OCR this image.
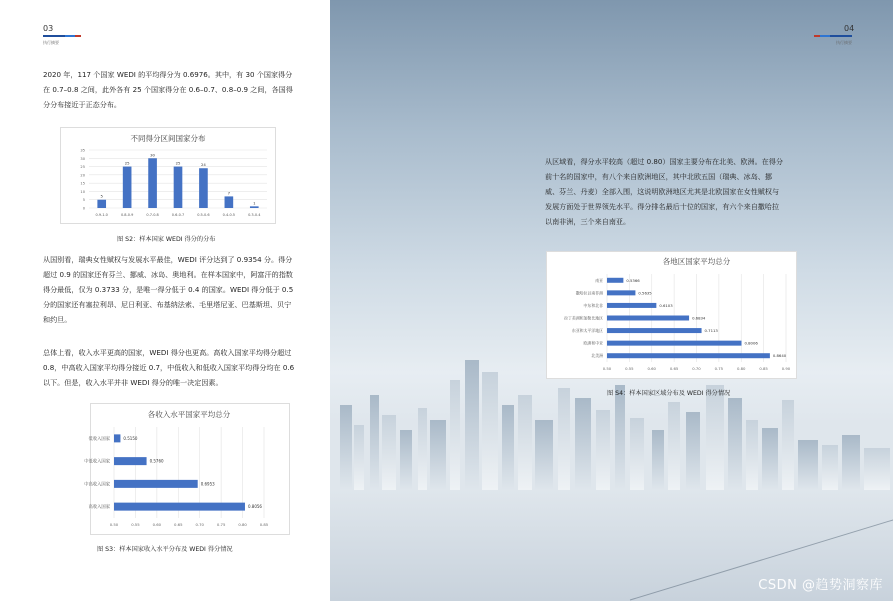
03
执行摘要

2020 年，117 个国家 WEDI 的平均得分为 0.6976。其中，有 30 个国家得分在 0.7–0.8 之间，此外各有 25 个国家得分在 0.6–0.7、0.8–0.9 之间，各国得分分布接近于正态分布。

不同得分区间国家分布
0
5
10
15
20
25
30
35
5
0.9-1.0
25
0.8-0.9
30
0.7-0.8
25
0.6-0.7
24
0.5-0.6
7
0.4-0.5
1
0.3-0.4
图 S2：样本国家 WEDI 得分的分布

从国别看，瑞典女性赋权与发展水平最佳，WEDI 评分达到了 0.9354 分。得分超过 0.9 的国家还有芬兰、挪威、冰岛、奥地利。在样本国家中，阿富汗的指数得分最低，仅为 0.3733 分，是唯一得分低于 0.4 的国家。WEDI 得分低于 0.5 分的国家还有塞拉利昂、尼日利亚、布基纳法索、毛里塔尼亚、巴基斯坦、贝宁和约旦。

总体上看，收入水平更高的国家，WEDI 得分也更高。高收入国家平均得分超过 0.8，中高收入国家平均得分接近 0.7，中低收入和低收入国家平均得分均在 0.6 以下。但是，收入水平并非 WEDI 得分的唯一决定因素。

各收入水平国家平均总分
0.50	0.55	0.60	0.65	0.70	0.75	0.80	0.85
0.5150
低收入国家
0.5760
中低收入国家
0.6953
中高收入国家
0.8056
高收入国家
图 S3：样本国家收入水平分布及 WEDI 得分情况
04
执行摘要

从区域看，得分水平较高（超过 0.80）国家主要分布在北美、欧洲。在得分前十名的国家中，有八个来自欧洲地区，其中北欧五国（瑞典、冰岛、挪威、芬兰、丹麦）全部入围，这说明欧洲地区尤其是北欧国家在女性赋权与发展方面处于世界领先水平。得分排名最后十位的国家，有六个来自撒哈拉以南非洲，三个来自南亚。

各地区国家平均总分
0.50	0.55	0.60	0.65	0.70	0.75	0.80	0.85	0.90
0.5366
南亚
0.5635
撒哈拉以南非洲
0.6103
中东和北非
0.6834
拉丁美洲和加勒比地区
0.7113
东亚和太平洋地区
0.8006
欧洲和中亚
0.8640
北美洲
图 S4：样本国家区域分布及 WEDI 得分情况
CSDN @趋势洞察库
